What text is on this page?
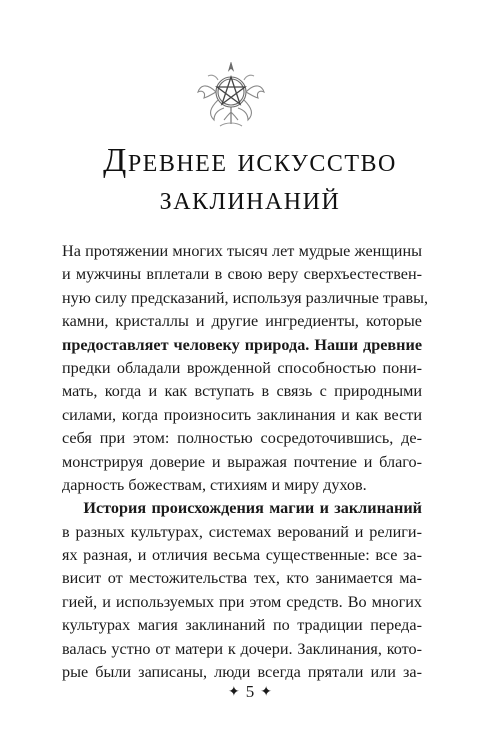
Древнее искусство
заклинаний
На протяжении многих тысяч лет мудрые женщины
и мужчины вплетали в свою веру сверхъестествен-
ную силу предсказаний, используя различные травы,
камни, кристаллы и другие ингредиенты, которые
предоставляет человеку природа. Наши древние
предки обладали врожденной способностью пони-
мать, когда и как вступать в связь с природными
силами, когда произносить заклинания и как вести
себя при этом: полностью сосредоточившись, де-
монстрируя доверие и выражая почтение и благо-
дарность божествам, стихиям и миру духов.
История происхождения магии и заклинаний
в разных культурах, системах верований и религи-
ях разная, и отличия весьма существенные: все за-
висит от местожительства тех, кто занимается ма-
гией, и используемых при этом средств. Во многих
культурах магия заклинаний по традиции переда-
валась устно от матери к дочери. Заклинания, кото-
рые были записаны, люди всегда прятали или за-
✦ 5 ✦
